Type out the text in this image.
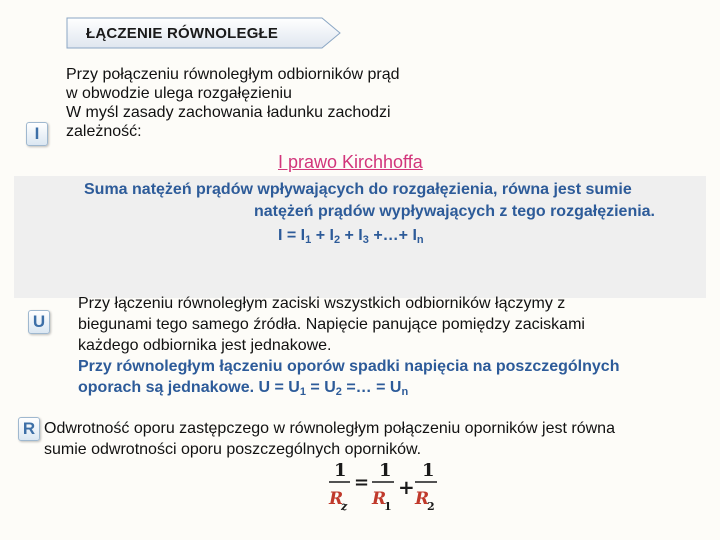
ŁĄCZENIE RÓWNOLEGŁE
I
Przy połączeniu równoległym odbiorników prąd
w obwodzie ulega rozgałęzieniu
W myśl zasady zachowania ładunku zachodzi
zależność:
I prawo Kirchhoffa
Suma natężeń prądów wpływających do rozgałęzienia, równa jest sumie
natężeń prądów wypływających z tego rozgałęzienia.
$I = I_1 + I_2 + I_3$ +…+ $I_n$
U
Przy łączeniu równoległym zaciski wszystkich odbiorników łączymy z
biegunami tego samego źródła. Napięcie panujące pomiędzy zaciskami
każdego odbiornika jest jednakowe.
Przy równoległym łączeniu oporów spadki napięcia na poszczególnych
oporach są jednakowe. $U = U_1 = U_2$ =… = $U_n$
R Odwrotność oporu zastępczego w równoległym połączeniu oporników jest równa
sumie odwrotności oporu poszczególnych oporników.
1 1 1
= +
R R R
z	1	2
